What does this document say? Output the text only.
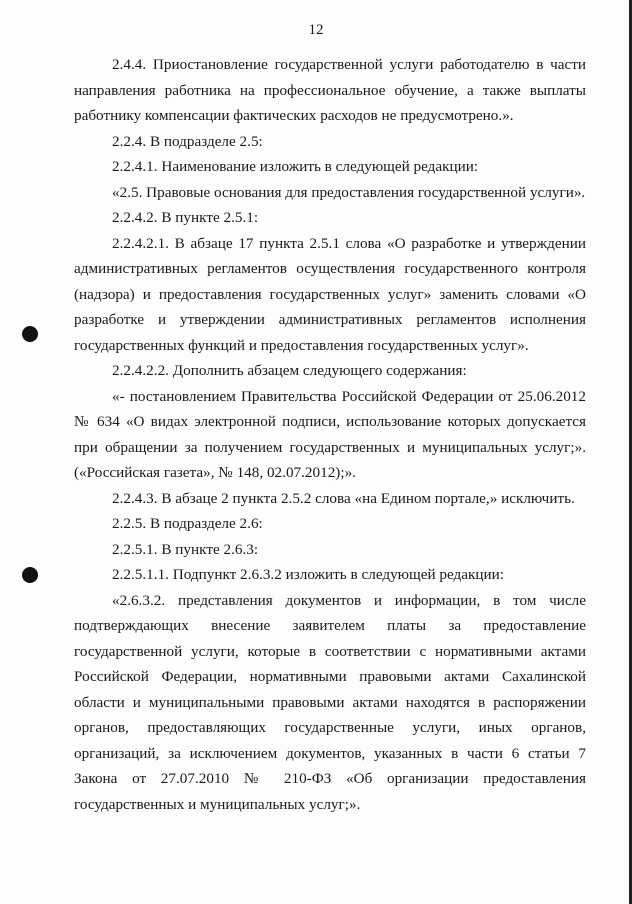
12

2.4.4. Приостановление государственной услуги работодателю в части направления работника на профессиональное обучение, а также выплаты работнику компенсации фактических расходов не предусмотрено.».

2.2.4. В подразделе 2.5:

2.2.4.1. Наименование изложить в следующей редакции:

«2.5. Правовые основания для предоставления государственной услуги».

2.2.4.2. В пункте 2.5.1:

2.2.4.2.1. В абзаце 17 пункта 2.5.1 слова «О разработке и утверждении административных регламентов осуществления государственного контроля (надзора) и предоставления государственных услуг» заменить словами «О разработке и утверждении административных регламентов исполнения государственных функций и предоставления государственных услуг».

2.2.4.2.2. Дополнить абзацем следующего содержания:

«- постановлением Правительства Российской Федерации от 25.06.2012 № 634 «О видах электронной подписи, использование которых допускается при обращении за получением государственных и муниципальных услуг;». («Российская газета», № 148, 02.07.2012);».

2.2.4.3. В абзаце 2 пункта 2.5.2 слова «на Едином портале,» исключить.

2.2.5. В подразделе 2.6:

2.2.5.1. В пункте 2.6.3:

2.2.5.1.1. Подпункт 2.6.3.2 изложить в следующей редакции:

«2.6.3.2. представления документов и информации, в том числе подтверждающих внесение заявителем платы за предоставление государственной услуги, которые в соответствии с нормативными актами Российской Федерации, нормативными правовыми актами Сахалинской области и муниципальными правовыми актами находятся в распоряжении органов, предоставляющих государственные услуги, иных органов, организаций, за исключением документов, указанных в части 6 статьи 7 Закона от 27.07.2010 № 210-ФЗ «Об организации предоставления государственных и муниципальных услуг;».
